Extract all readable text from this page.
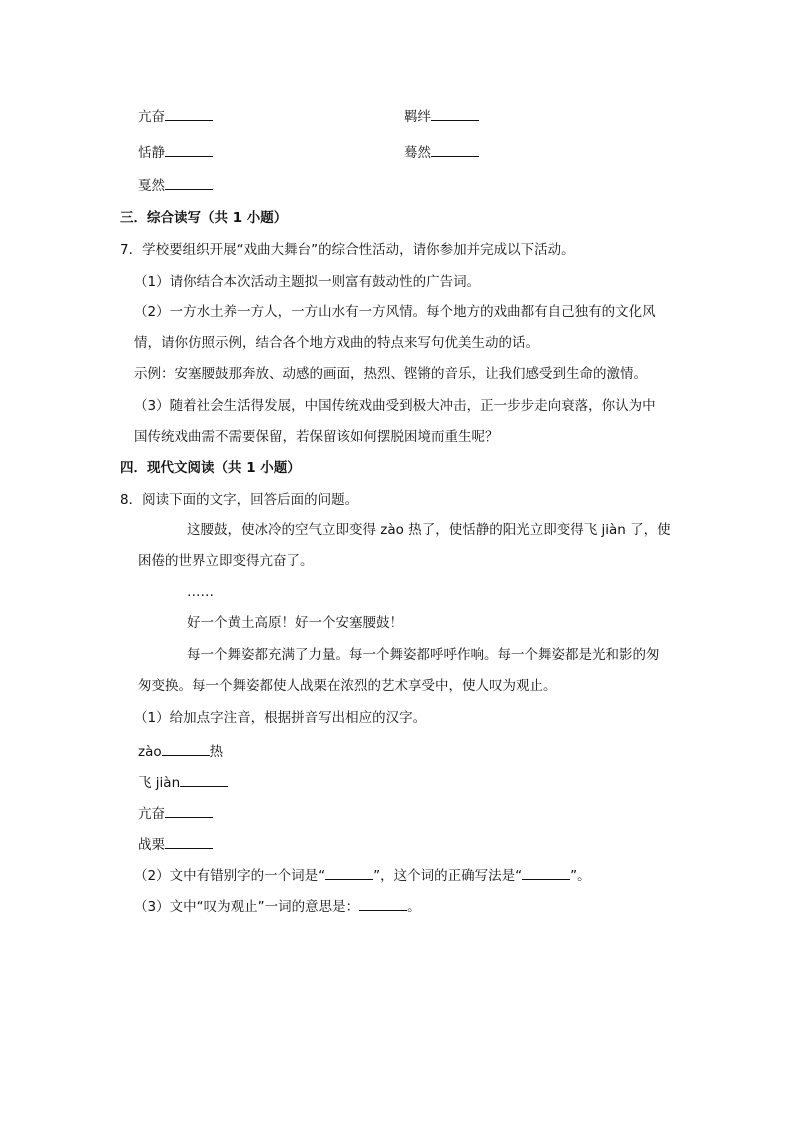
亢奋	羁绊
恬静	蓦然
戛然
三．综合读写（共 1 小题）
7．学校要组织开展“戏曲大舞台”的综合性活动，请你参加并完成以下活动。
（1）请你结合本次活动主题拟一则富有鼓动性的广告词。
（2）一方水土养一方人，一方山水有一方风情。每个地方的戏曲都有自己独有的文化风
情，请你仿照示例，结合各个地方戏曲的特点来写句优美生动的话。
示例：安塞腰鼓那奔放、动感的画面，热烈、铿锵的音乐，让我们感受到生命的激情。
（3）随着社会生活得发展，中国传统戏曲受到极大冲击，正一步步走向衰落，你认为中
国传统戏曲需不需要保留，若保留该如何摆脱困境而重生呢？
四．现代文阅读（共 1 小题）
8．阅读下面的文字，回答后面的问题。
这腰鼓，使冰冷的空气立即变得 zào 热了，使恬静的阳光立即变得飞 jiàn 了，使
困倦的世界立即变得亢奋了。
……
好一个黄土高原！好一个安塞腰鼓！
每一个舞姿都充满了力量。每一个舞姿都呼呼作响。每一个舞姿都是光和影的匆
匆变换。每一个舞姿都使人战栗在浓烈的艺术享受中，使人叹为观止。
（1）给加点字注音，根据拼音写出相应的汉字。
zào	热
飞 jiàn
亢奋
战栗
（2）文中有错别字的一个词是“	”，这个词的正确写法是“	”。
（3）文中“叹为观止”一词的意思是：	。
